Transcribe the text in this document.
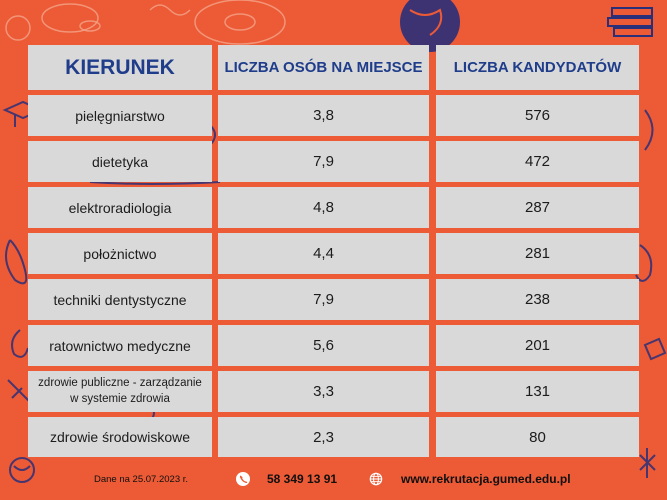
KIERUNEK	LICZBA OSÓB NA MIEJSCE	LICZBA KANDYDATÓW
pielęgniarstwo	3,8	576
dietetyka	7,9	472
elektroradiologia	4,8	287
położnictwo	4,4	281
techniki dentystyczne	7,9	238
ratownictwo medyczne	5,6	201
zdrowie publiczne - zarządzanie w systemie zdrowia	3,3	131
zdrowie środowiskowe	2,3	80
Dane na 25.07.2023 r.	58 349 13 91	www.rekrutacja.gumed.edu.pl
